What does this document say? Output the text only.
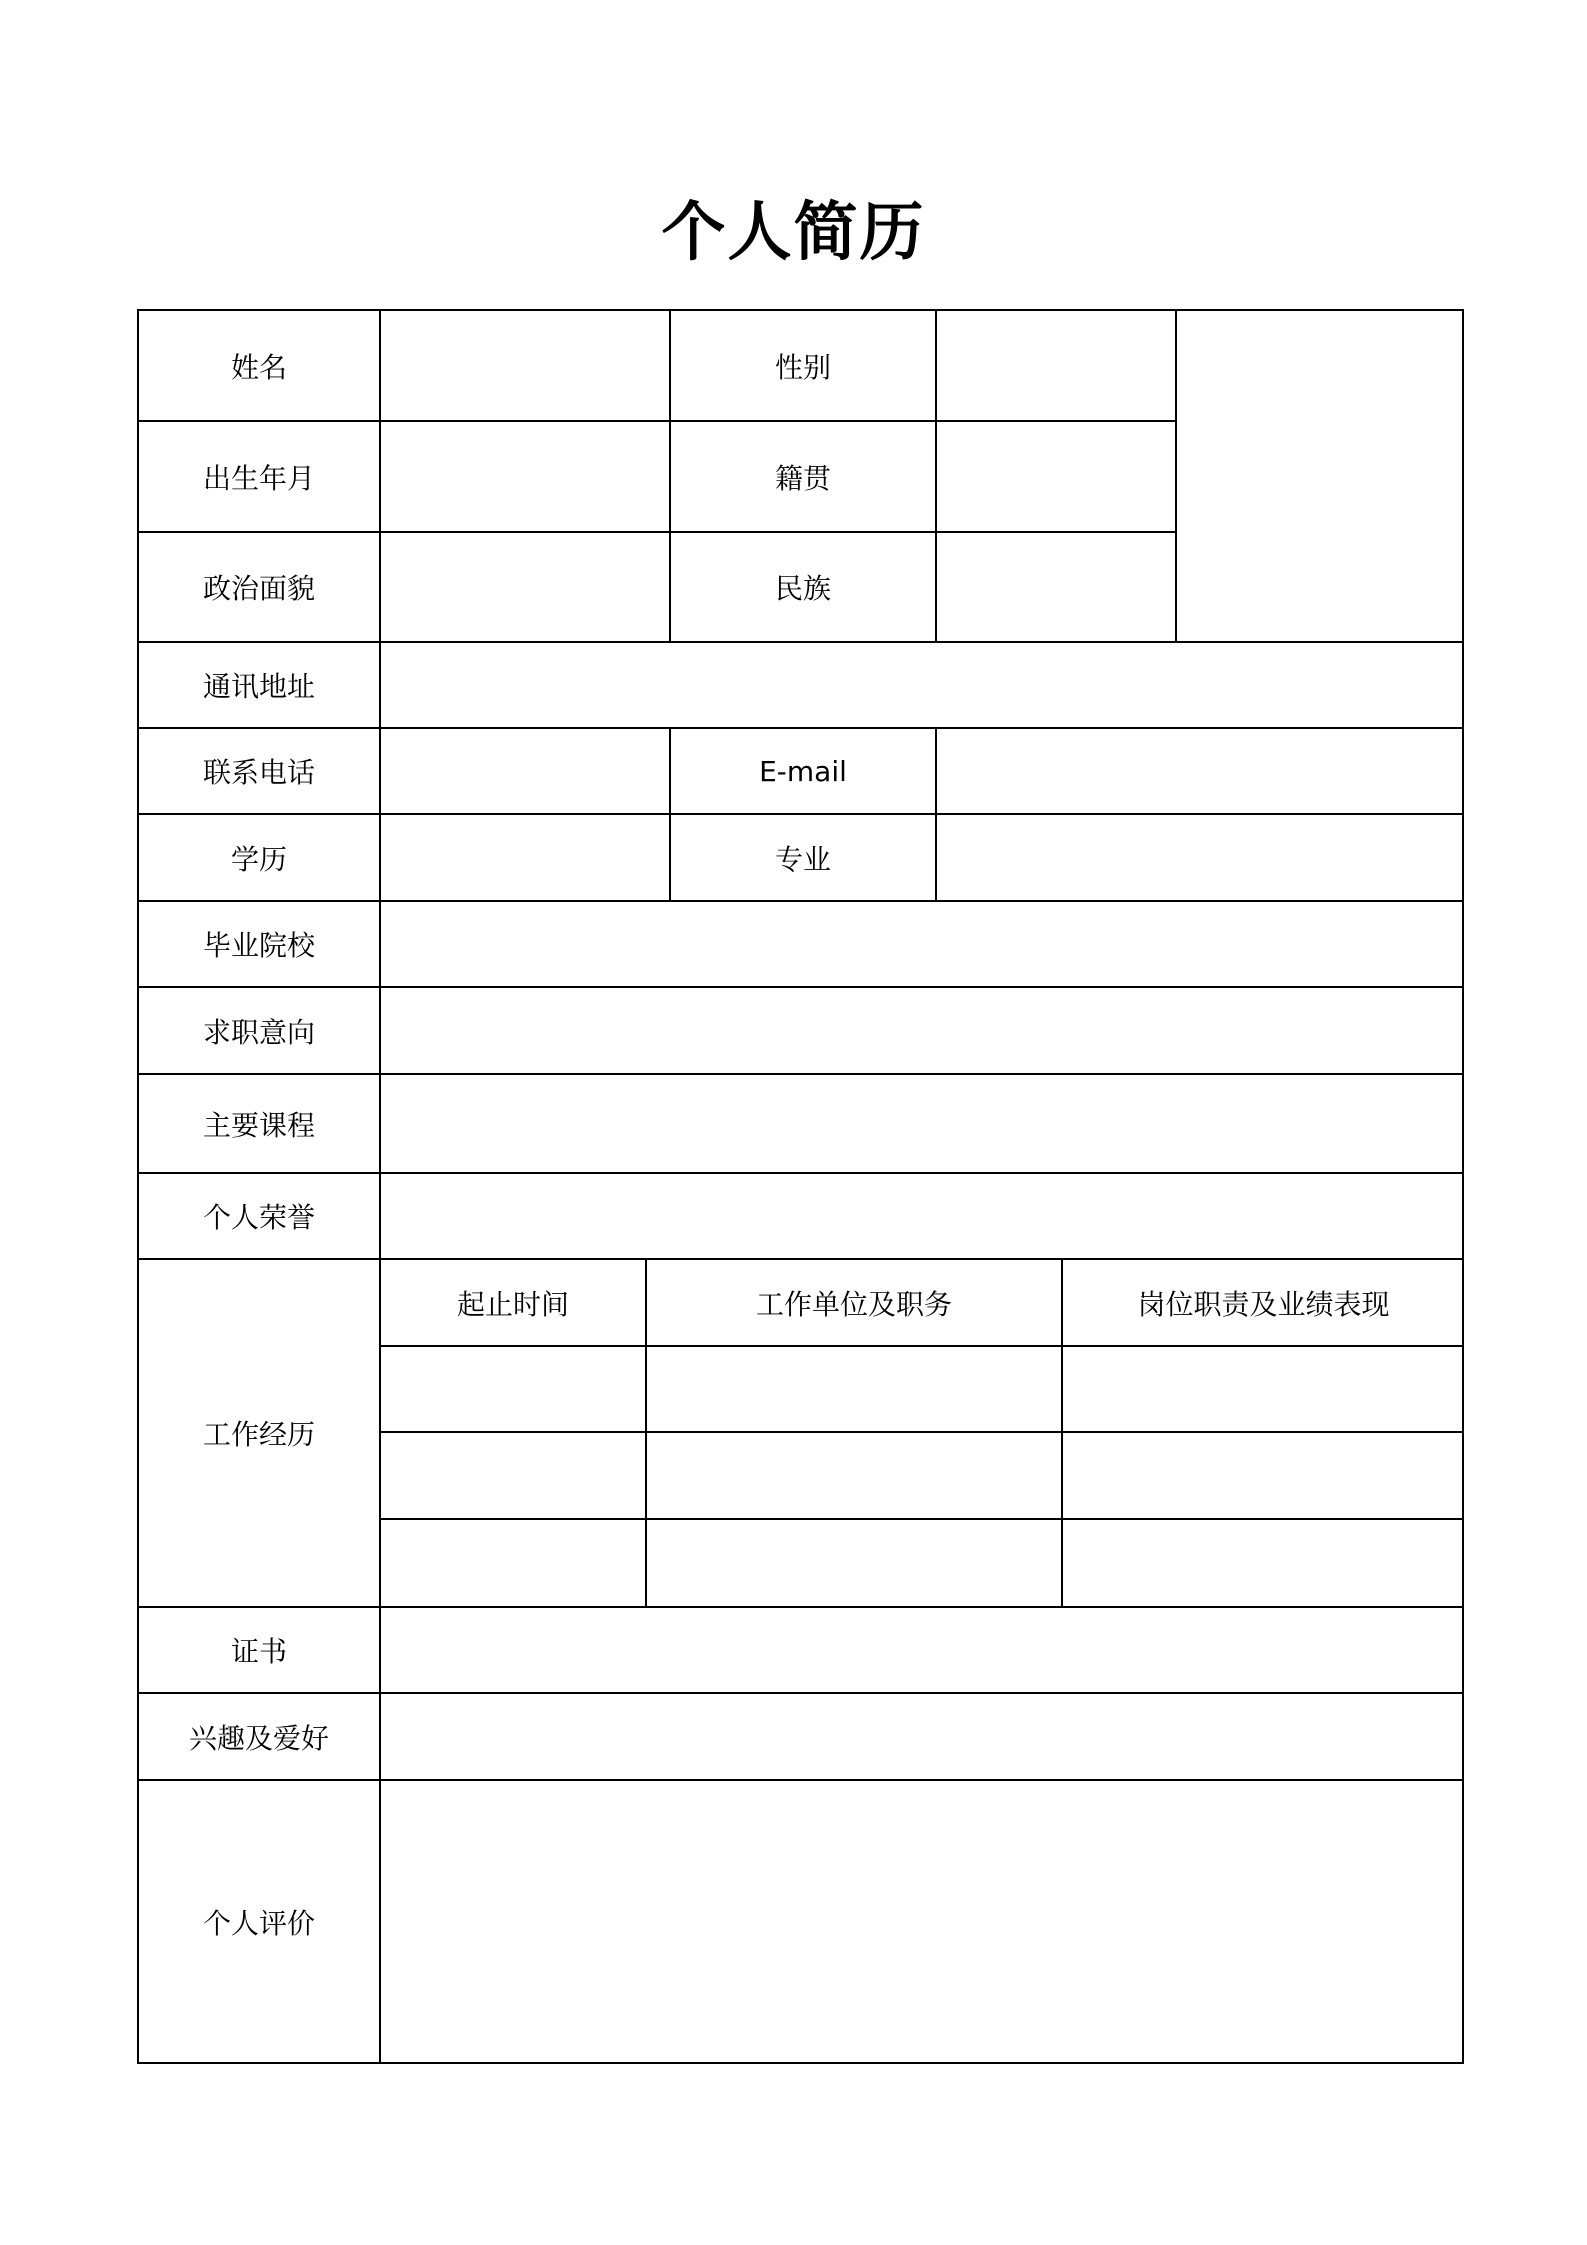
个人简历
姓名		性别		
出生年月		籍贯	
政治面貌		民族	
通讯地址	
联系电话		E-mail	
学历		专业	
毕业院校	
求职意向	
主要课程	
个人荣誉	
工作经历	
起止时间	工作单位及职务	岗位职责及业绩表现

证书	
兴趣及爱好	
个人评价	
